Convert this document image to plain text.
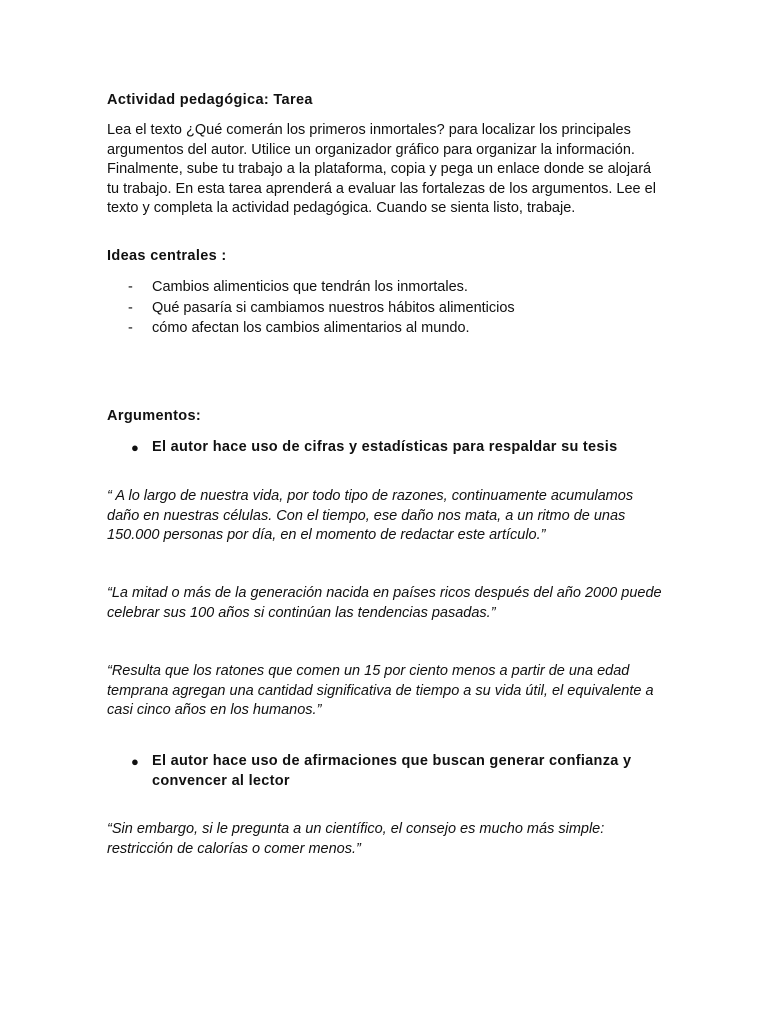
Actividad pedagógica: Tarea

Lea el texto ¿Qué comerán los primeros inmortales? para localizar los principales argumentos del autor. Utilice un organizador gráfico para organizar la información. Finalmente, sube tu trabajo a la plataforma, copia y pega un enlace donde se alojará tu trabajo. En esta tarea aprenderá a evaluar las fortalezas de los argumentos. Lee el texto y completa la actividad pedagógica. Cuando se sienta listo, trabaje.

Ideas centrales :
- Cambios alimenticios que tendrán los inmortales.
- Qué pasaría si cambiamos nuestros hábitos alimenticios
- cómo afectan los cambios alimentarios al mundo.
Argumentos:
● El autor hace uso de cifras y estadísticas para respaldar su tesis

“ A lo largo de nuestra vida, por todo tipo de razones, continuamente acumulamos daño en nuestras células. Con el tiempo, ese daño nos mata, a un ritmo de unas 150.000 personas por día, en el momento de redactar este artículo.”

“La mitad o más de la generación nacida en países ricos después del año 2000 puede celebrar sus 100 años si continúan las tendencias pasadas.”

“Resulta que los ratones que comen un 15 por ciento menos a partir de una edad temprana agregan una cantidad significativa de tiempo a su vida útil, el equivalente a casi cinco años en los humanos.”

● El autor hace uso de afirmaciones que buscan generar confianza y convencer al lector

“Sin embargo, si le pregunta a un científico, el consejo es mucho más simple: restricción de calorías o comer menos.”
